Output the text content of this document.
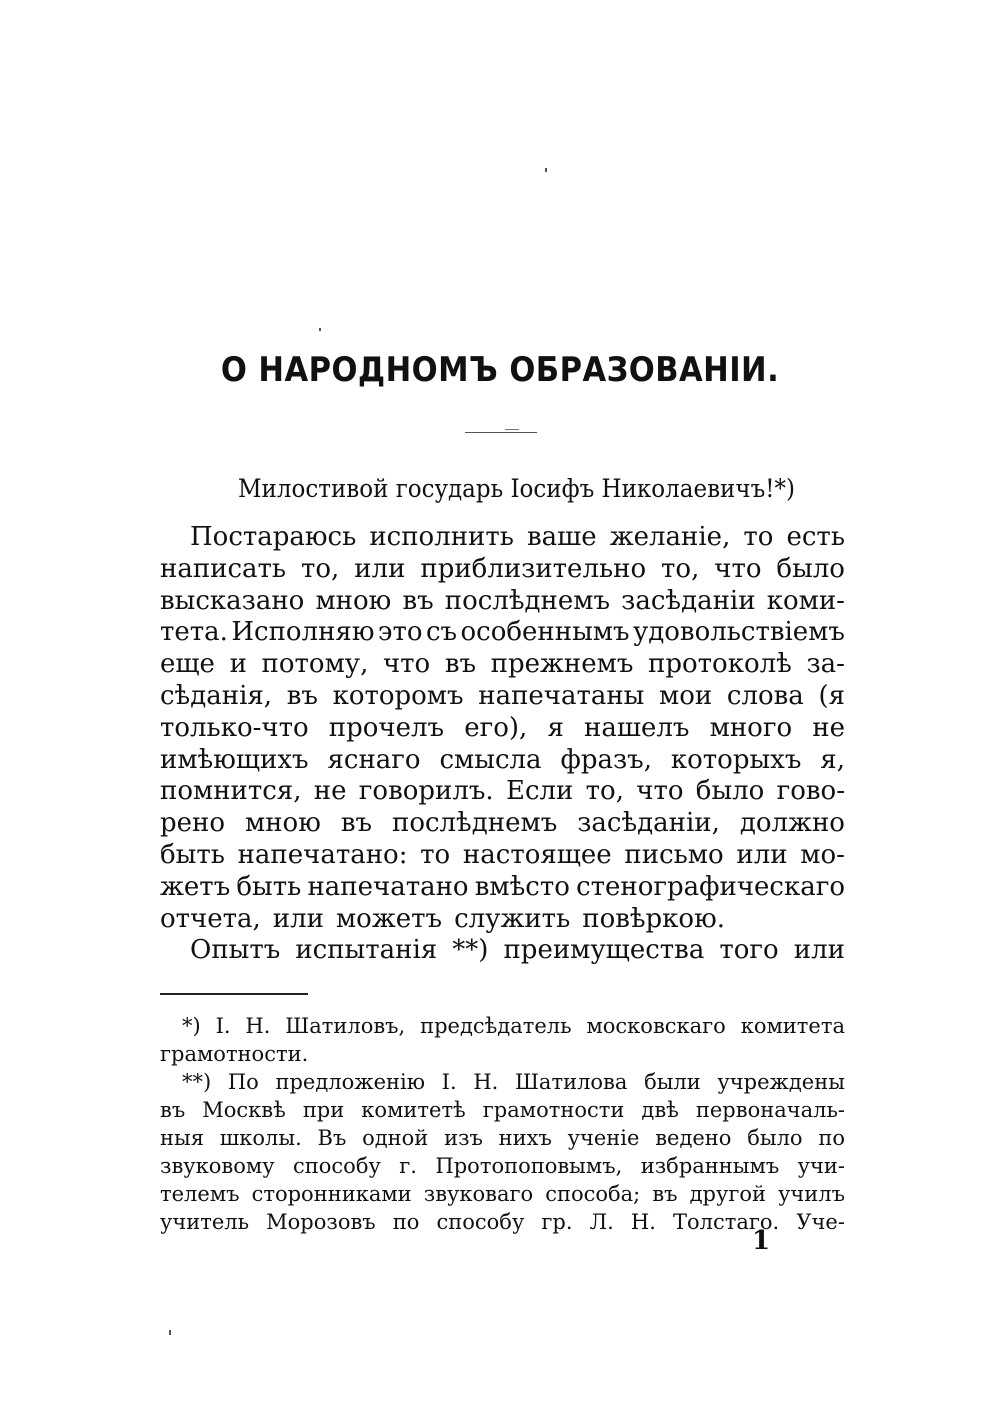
О НАРОДНОМЪ ОБРАЗОВАНIИ.
Милостивой государь Іосифъ Николаевичъ!*)
Постараюсь исполнить ваше желаніе, то есть
написать то, или приблизительно то, что было
высказано мною въ послѣднемъ засѣданіи коми-
тета. Исполняю это съ особеннымъ удовольствіемъ
еще и потому, что въ прежнемъ протоколѣ за-
сѣданія, въ которомъ напечатаны мои слова (я
только-что прочелъ его), я нашелъ много не
имѣющихъ яснаго смысла фразъ, которыхъ я,
помнится, не говорилъ. Если то, что было гово-
рено мною въ послѣднемъ засѣданіи, должно
быть напечатано: то настоящее письмо или мо-
жетъ быть напечатано вмѣсто стенографическаго
отчета, или можетъ служить повѣркою.
Опытъ испытанія **) преимущества того или
*) І. Н. Шатиловъ, предсѣдатель московскаго комитета
грамотности.
**) По предложенію І. Н. Шатилова были учреждены
въ Москвѣ при комитетѣ грамотности двѣ первоначаль-
ныя школы. Въ одной изъ нихъ ученіе ведено было по
звуковому способу г. Протопоповымъ, избраннымъ учи-
телемъ сторонниками звуковаго способа; въ другой училъ
учитель Морозовъ по способу гр. Л. Н. Толстаго. Уче-
1
